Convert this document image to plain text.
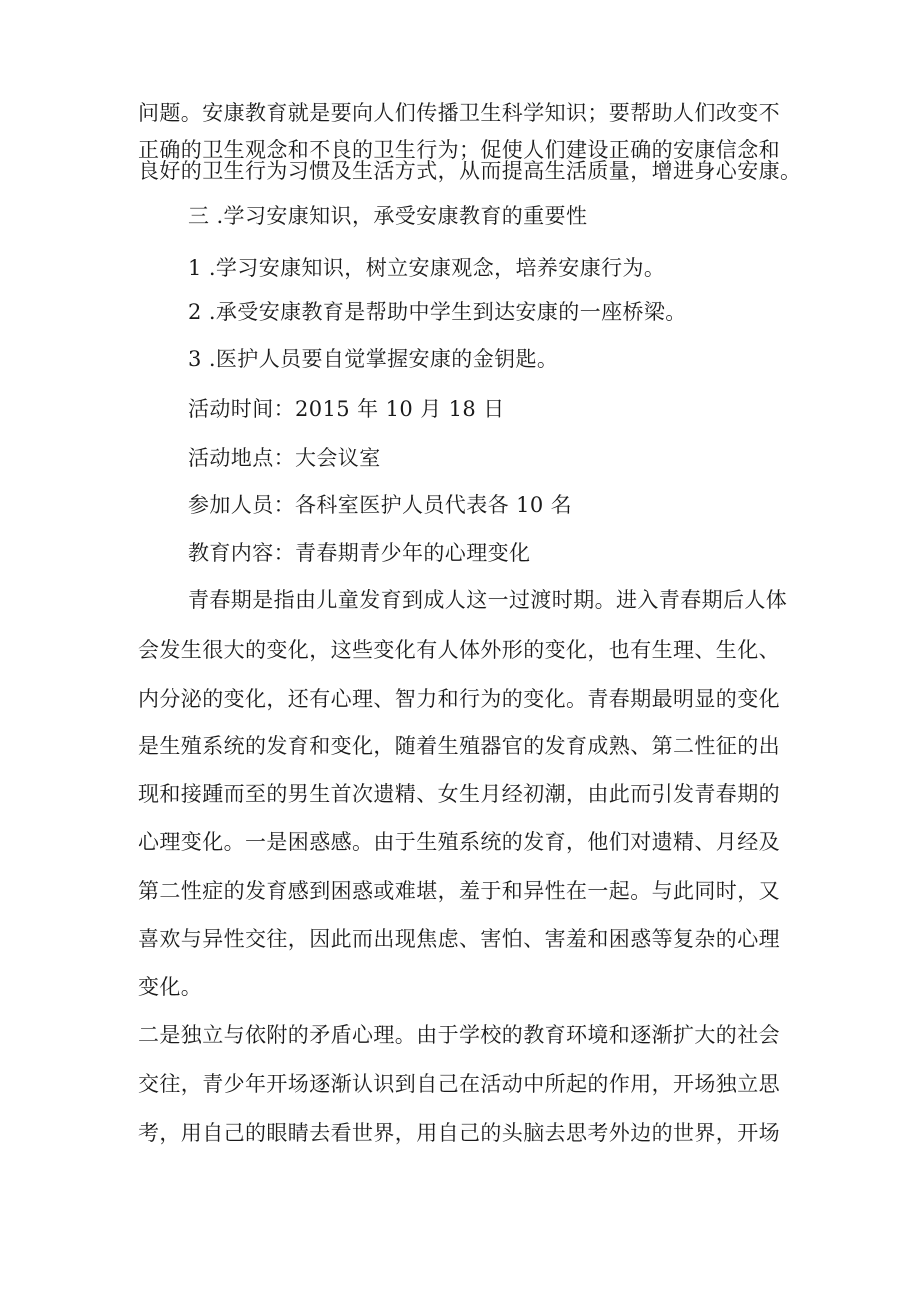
问题。安康教育就是要向人们传播卫生科学知识；要帮助人们改变不
正确的卫生观念和不良的卫生行为；促使人们建设正确的安康信念和
良好的卫生行为习惯及生活方式，从而提高生活质量，增进身心安康。
三 .学习安康知识，承受安康教育的重要性
1 .学习安康知识，树立安康观念，培养安康行为。
2 .承受安康教育是帮助中学生到达安康的一座桥梁。
3 .医护人员要自觉掌握安康的金钥匙。
活动时间：2015 年 10 月 18 日
活动地点：大会议室
参加人员：各科室医护人员代表各 10 名
教育内容：青春期青少年的心理变化
青春期是指由儿童发育到成人这一过渡时期。进入青春期后人体
会发生很大的变化，这些变化有人体外形的变化，也有生理、生化、
内分泌的变化，还有心理、智力和行为的变化。青春期最明显的变化
是生殖系统的发育和变化，随着生殖器官的发育成熟、第二性征的出
现和接踵而至的男生首次遗精、女生月经初潮，由此而引发青春期的
心理变化。一是困惑感。由于生殖系统的发育，他们对遗精、月经及
第二性症的发育感到困惑或难堪，羞于和异性在一起。与此同时，又
喜欢与异性交往，因此而出现焦虑、害怕、害羞和困惑等复杂的心理
变化。
二是独立与依附的矛盾心理。由于学校的教育环境和逐渐扩大的社会
交往，青少年开场逐渐认识到自己在活动中所起的作用，开场独立思
考，用自己的眼睛去看世界，用自己的头脑去思考外边的世界，开场
